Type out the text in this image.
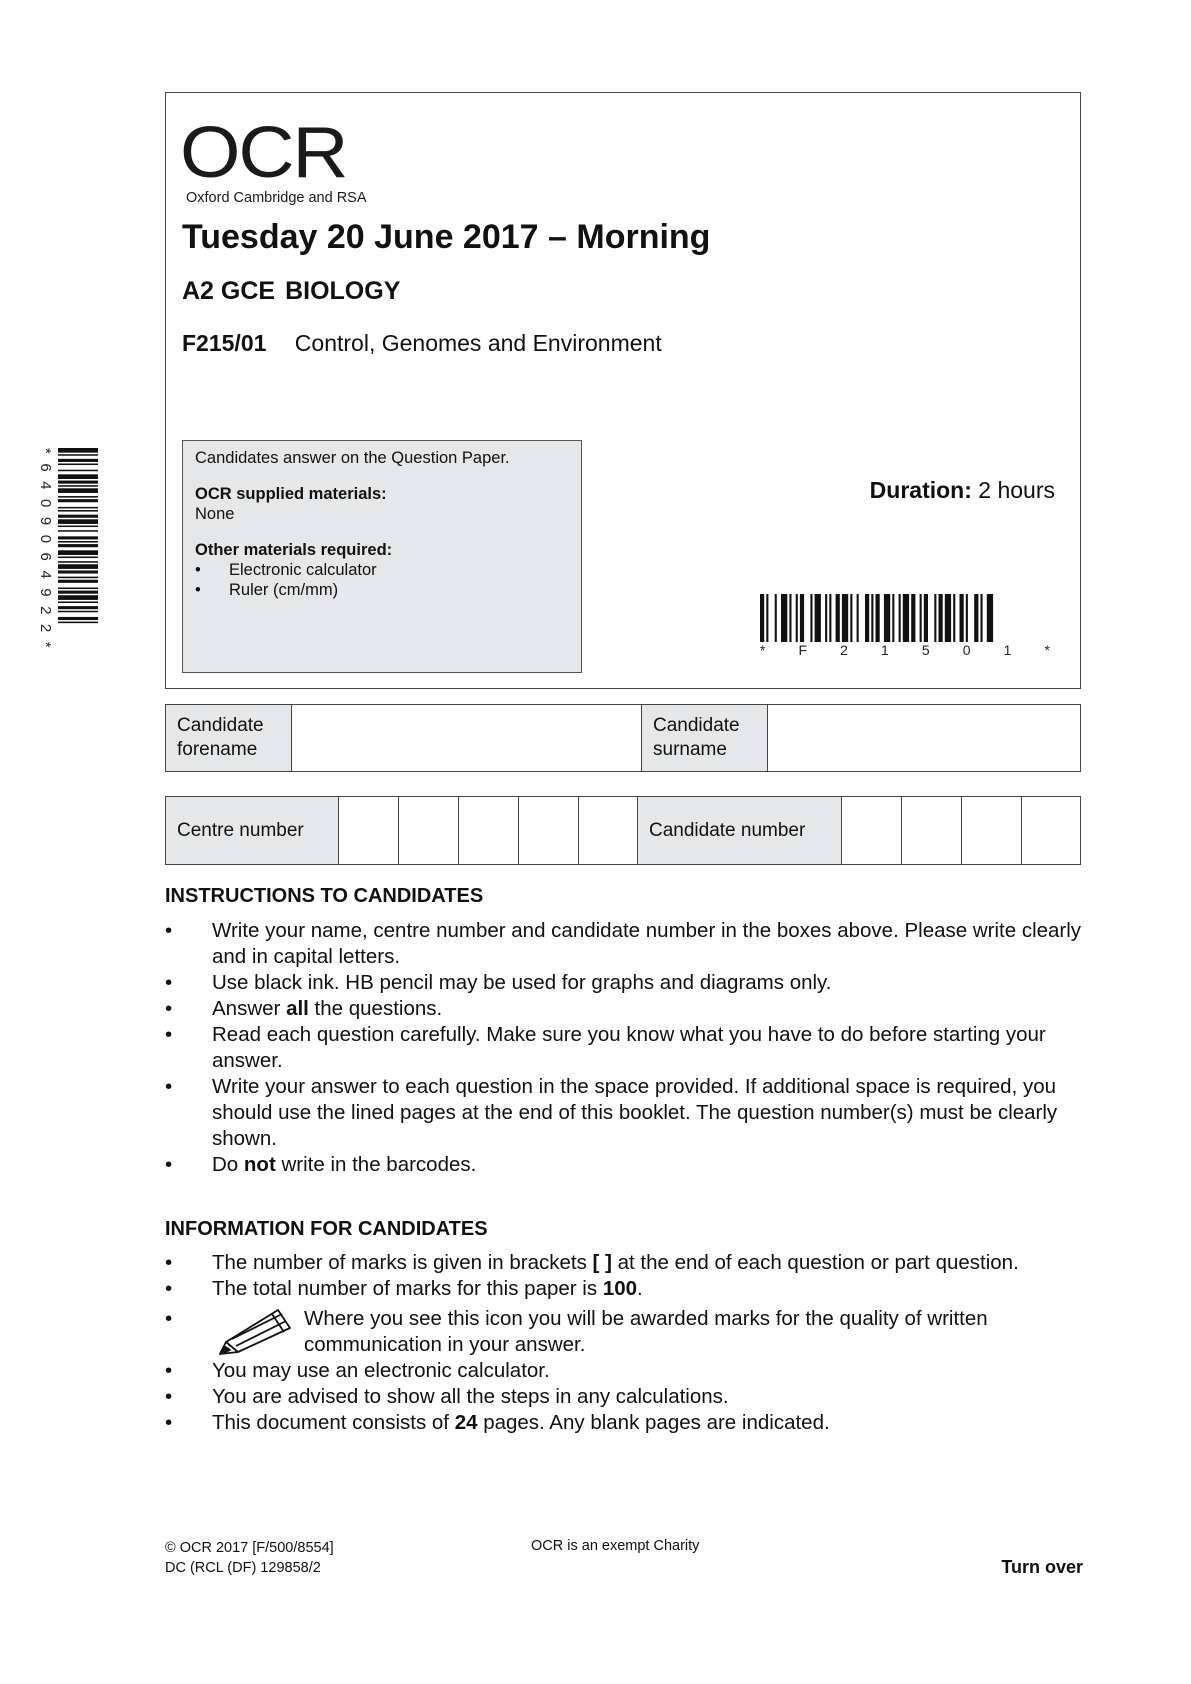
*6409064922*
OCR
Oxford Cambridge and RSA
Tuesday 20 June 2017 – Morning
A2 GCE BIOLOGY
F215/01 Control, Genomes and Environment
Candidates answer on the Question Paper.
OCR supplied materials:
None
Other materials required:
•	Electronic calculator
•	Ruler (cm/mm)
Duration: 2 hours
* F 2 1 5 0 1 *
Candidate forename		Candidate surname	
Centre number						Candidate number				
INSTRUCTIONS TO CANDIDATES
•	Write your name, centre number and candidate number in the boxes above. Please write clearly and in capital letters.
•	Use black ink. HB pencil may be used for graphs and diagrams only.
•	Answer all the questions.
•	Read each question carefully. Make sure you know what you have to do before starting your answer.
•	Write your answer to each question in the space provided. If additional space is required, you should use the lined pages at the end of this booklet. The question number(s) must be clearly shown.
•	Do not write in the barcodes.
INFORMATION FOR CANDIDATES
•	The number of marks is given in brackets [ ] at the end of each question or part question.
•	The total number of marks for this paper is 100.
•	Where you see this icon you will be awarded marks for the quality of written communication in your answer.
•	You may use an electronic calculator.
•	You are advised to show all the steps in any calculations.
•	This document consists of 24 pages. Any blank pages are indicated.
© OCR 2017 [F/500/8554]
DC (RCL (DF) 129858/2
OCR is an exempt Charity
Turn over
